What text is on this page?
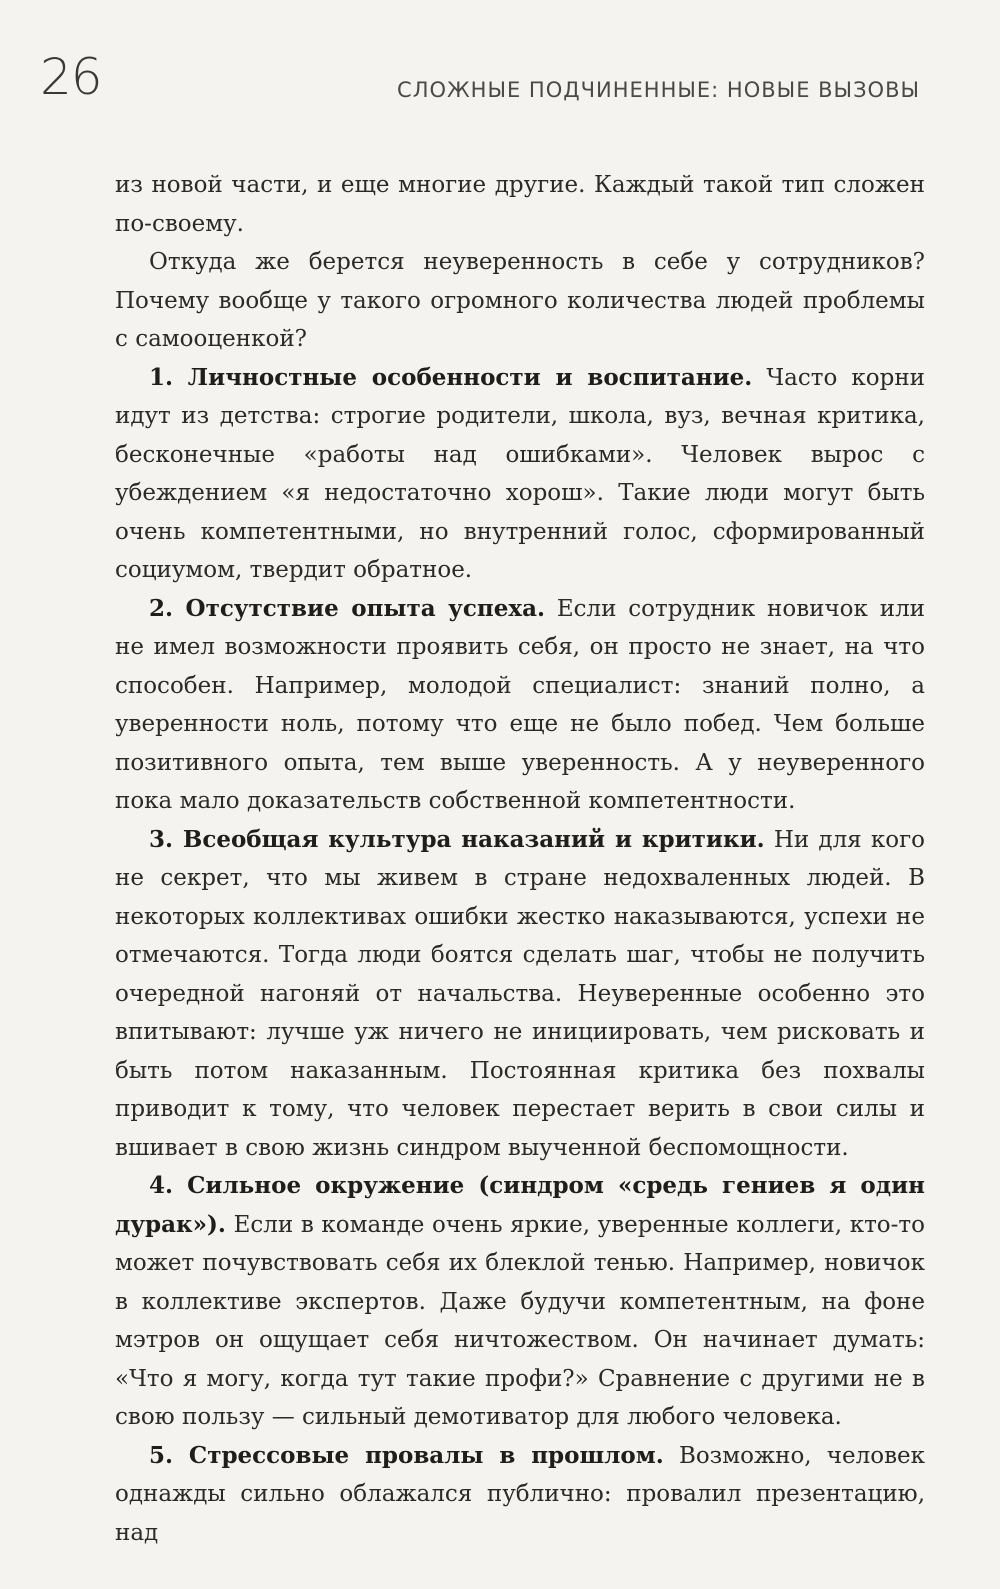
26	СЛОЖНЫЕ ПОДЧИНЕННЫЕ: НОВЫЕ ВЫЗОВЫ

из новой части, и еще многие другие. Каждый такой тип сложен по-своему.

Откуда же берется неуверенность в себе у сотрудников? Почему вообще у такого огромного количества людей проблемы с самооценкой?

1. Личностные особенности и воспитание. Часто корни идут из детства: строгие родители, школа, вуз, вечная критика, бесконечные «работы над ошибками». Человек вырос с убеждением «я недостаточно хорош». Такие люди могут быть очень компетентными, но внутренний голос, сформированный социумом, твердит обратное.

2. Отсутствие опыта успеха. Если сотрудник новичок или не имел возможности проявить себя, он просто не знает, на что способен. Например, молодой специалист: знаний полно, а уверенности ноль, потому что еще не было побед. Чем больше позитивного опыта, тем выше уверенность. А у неуверенного пока мало доказательств собственной компетентности.

3. Всеобщая культура наказаний и критики. Ни для кого не секрет, что мы живем в стране недохваленных людей. В некоторых коллективах ошибки жестко наказываются, успехи не отмечаются. Тогда люди боятся сделать шаг, чтобы не получить очередной нагоняй от начальства. Неуверенные особенно это впитывают: лучше уж ничего не инициировать, чем рисковать и быть потом наказанным. Постоянная критика без похвалы приводит к тому, что человек перестает верить в свои силы и вшивает в свою жизнь синдром выученной беспомощности.

4. Сильное окружение (синдром «средь гениев я один дурак»). Если в команде очень яркие, уверенные коллеги, кто-то может почувствовать себя их блеклой тенью. Например, новичок в коллективе экспертов. Даже будучи компетентным, на фоне мэтров он ощущает себя ничтожеством. Он начинает думать: «Что я могу, когда тут такие профи?» Сравнение с другими не в свою пользу — сильный демотиватор для любого человека.

5. Стрессовые провалы в прошлом. Возможно, человек однажды сильно облажался публично: провалил презентацию, над
